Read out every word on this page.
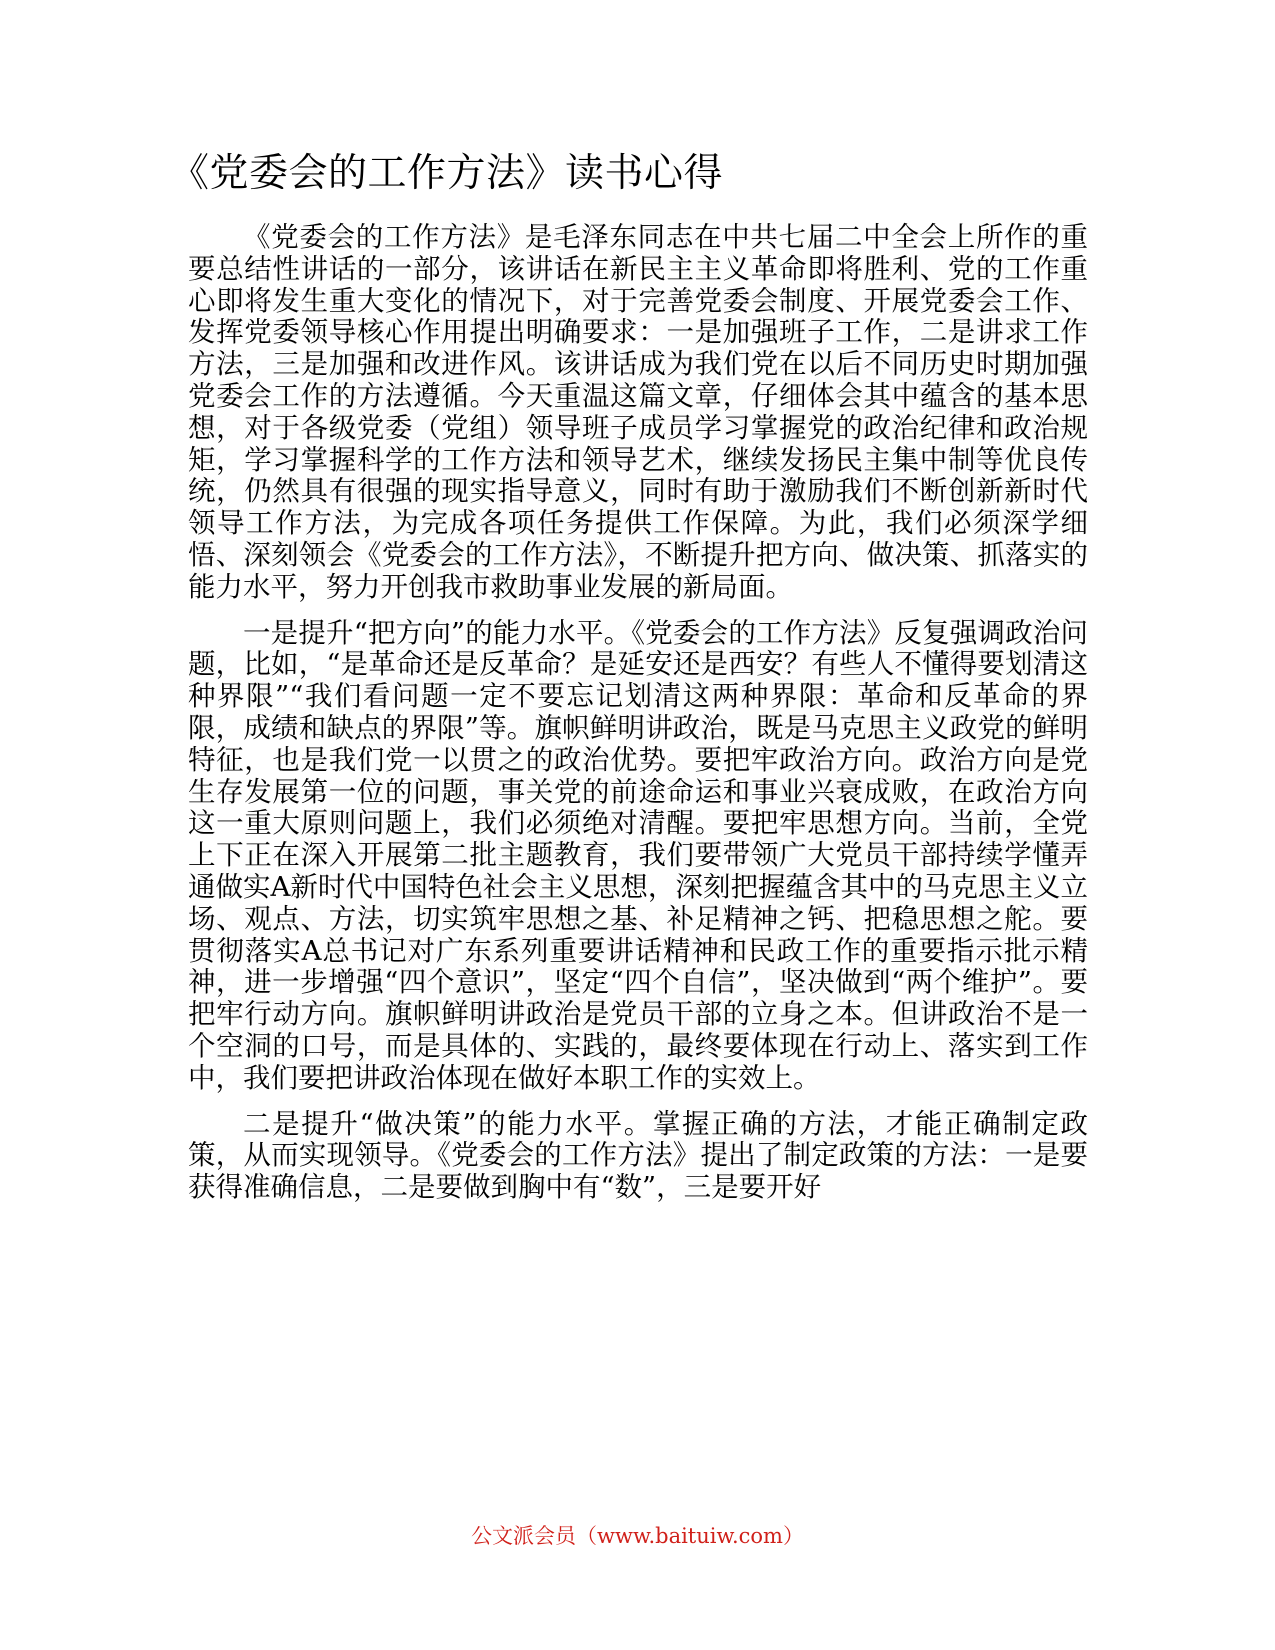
《党委会的工作方法》读书心得

《党委会的工作方法》是毛泽东同志在中共七届二中全会上所作的重要总结性讲话的一部分，该讲话在新民主主义革命即将胜利、党的工作重心即将发生重大变化的情况下，对于完善党委会制度、开展党委会工作、发挥党委领导核心作用提出明确要求：一是加强班子工作，二是讲求工作方法，三是加强和改进作风。该讲话成为我们党在以后不同历史时期加强党委会工作的方法遵循。今天重温这篇文章，仔细体会其中蕴含的基本思想，对于各级党委（党组）领导班子成员学习掌握党的政治纪律和政治规矩，学习掌握科学的工作方法和领导艺术，继续发扬民主集中制等优良传统，仍然具有很强的现实指导意义，同时有助于激励我们不断创新新时代领导工作方法，为完成各项任务提供工作保障。为此，我们必须深学细悟、深刻领会《党委会的工作方法》，不断提升把方向、做决策、抓落实的能力水平，努力开创我市救助事业发展的新局面。

一是提升“把方向”的能力水平。《党委会的工作方法》反复强调政治问题，比如，“是革命还是反革命？是延安还是西安？有些人不懂得要划清这种界限”“我们看问题一定不要忘记划清这两种界限：革命和反革命的界限，成绩和缺点的界限”等。旗帜鲜明讲政治，既是马克思主义政党的鲜明特征，也是我们党一以贯之的政治优势。要把牢政治方向。政治方向是党生存发展第一位的问题，事关党的前途命运和事业兴衰成败，在政治方向这一重大原则问题上，我们必须绝对清醒。要把牢思想方向。当前，全党上下正在深入开展第二批主题教育，我们要带领广大党员干部持续学懂弄通做实A新时代中国特色社会主义思想，深刻把握蕴含其中的马克思主义立场、观点、方法，切实筑牢思想之基、补足精神之钙、把稳思想之舵。要贯彻落实A总书记对广东系列重要讲话精神和民政工作的重要指示批示精神，进一步增强“四个意识”，坚定“四个自信”，坚决做到“两个维护”。要把牢行动方向。旗帜鲜明讲政治是党员干部的立身之本。但讲政治不是一个空洞的口号，而是具体的、实践的，最终要体现在行动上、落实到工作中，我们要把讲政治体现在做好本职工作的实效上。

二是提升“做决策”的能力水平。掌握正确的方法，才能正确制定政策，从而实现领导。《党委会的工作方法》提出了制定政策的方法：一是要获得准确信息，二是要做到胸中有“数”，三是要开好

公文派会员（www.baituiw.com）
